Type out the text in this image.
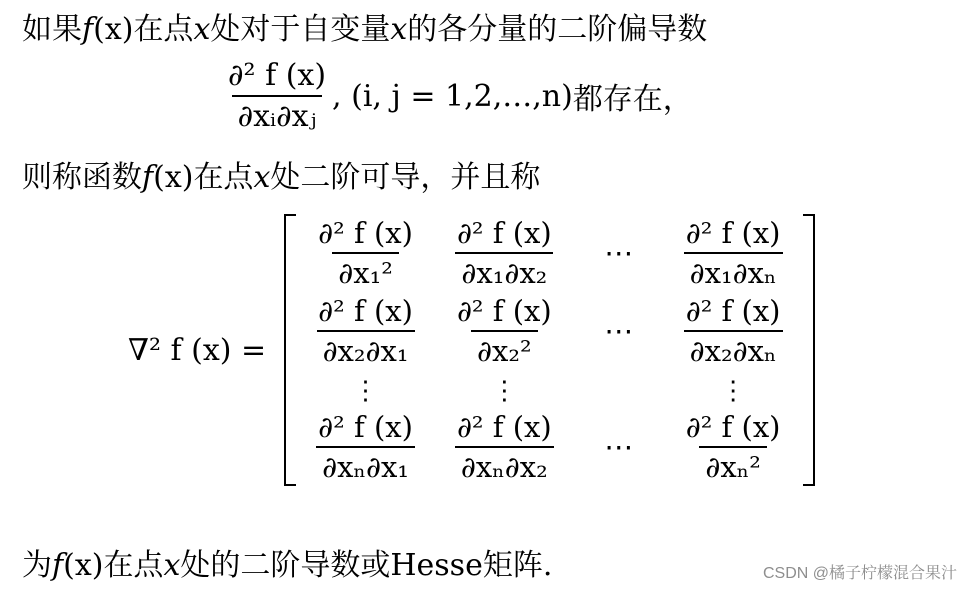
如果f(x)在点x处对于自变量x的各分量的二阶偏导数
$\frac{\text{∂² f (x)}}{\text{∂xᵢ∂xⱼ}}$ , (i, j = 1,2,…,n) 都存在，
则称函数f(x)在点x处二阶可导，并且称
∇² f (x) =
$\frac{\text{∂² f (x)}}{\text{∂x₁²}}$	$\frac{\text{∂² f (x)}}{\text{∂x₁∂x₂}}$	⋯	$\frac{\text{∂² f (x)}}{\text{∂x₁∂xₙ}}$

$\frac{\text{∂² f (x)}}{\text{∂x₂∂x₁}}$	$\frac{\text{∂² f (x)}}{\text{∂x₂²}}$	⋯	$\frac{\text{∂² f (x)}}{\text{∂x₂∂xₙ}}$

⋮	⋮		⋮

$\frac{\text{∂² f (x)}}{\text{∂xₙ∂x₁}}$	$\frac{\text{∂² f (x)}}{\text{∂xₙ∂x₂}}$	⋯	$\frac{\text{∂² f (x)}}{\text{∂xₙ²}}$
为f(x)在点x处的二阶导数或Hesse矩阵.	CSDN @橘子柠檬混合果汁
